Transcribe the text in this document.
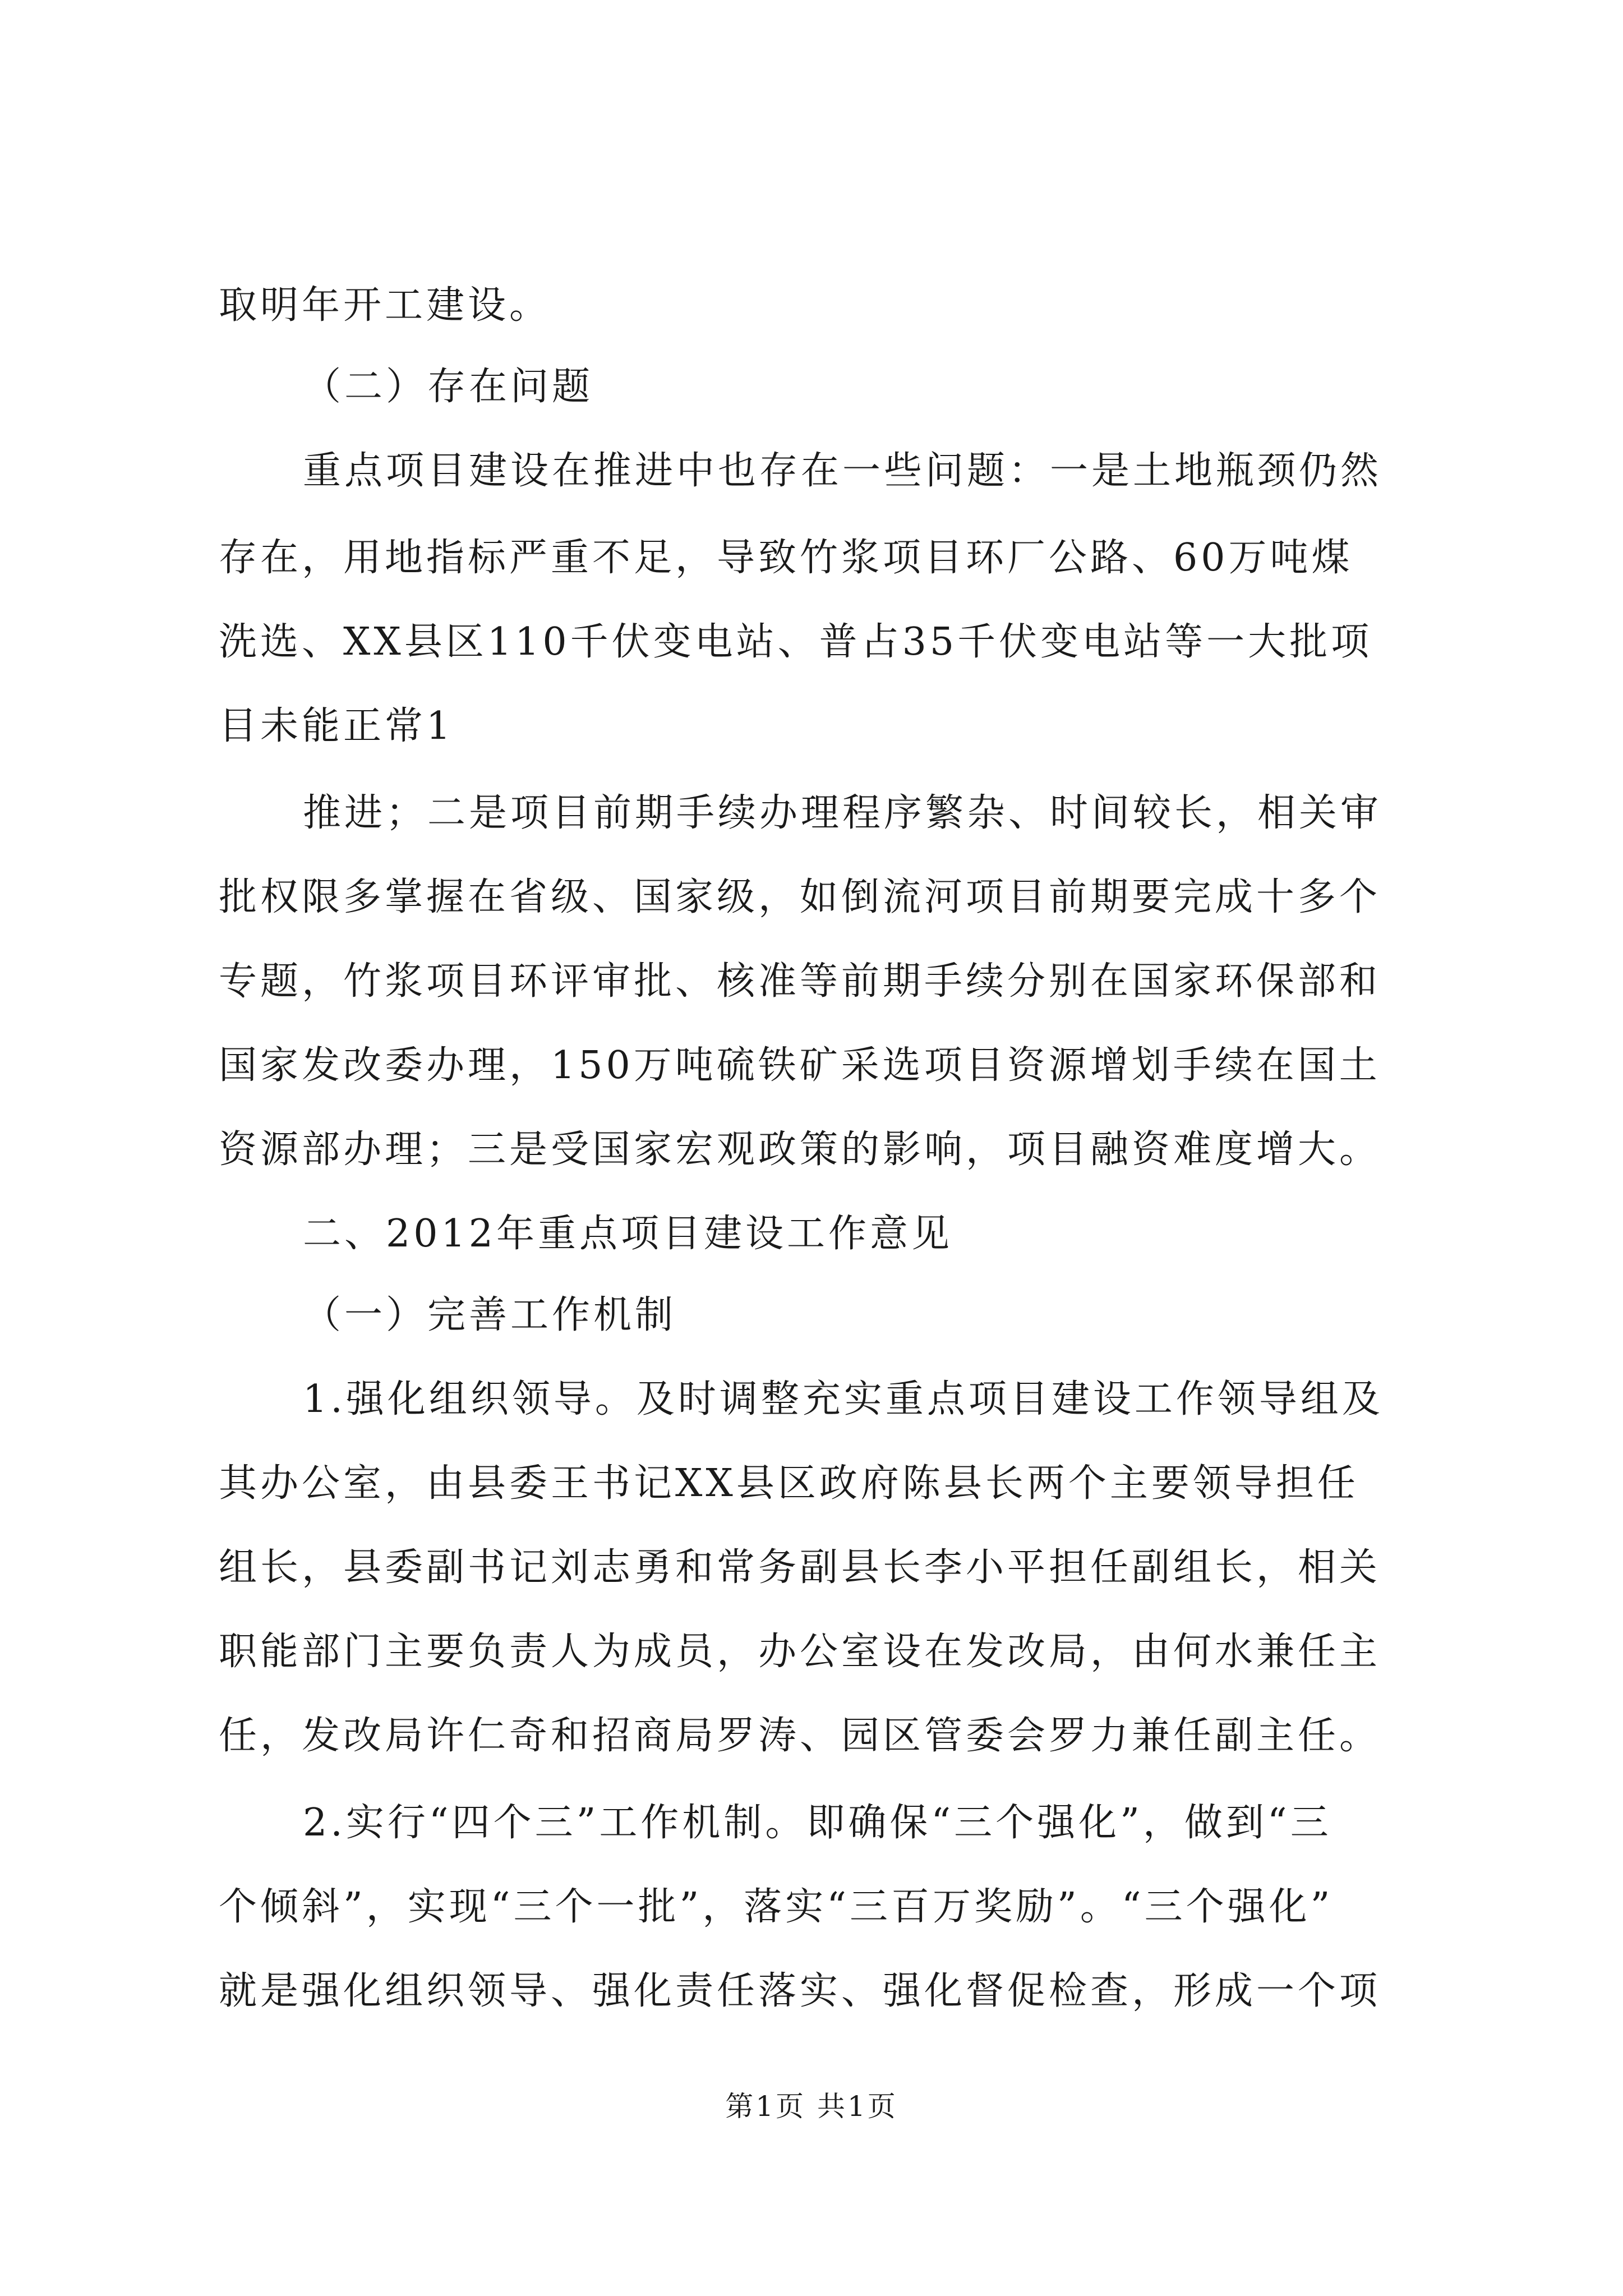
取明年开工建设。
（二）存在问题
重点项目建设在推进中也存在一些问题：一是土地瓶颈仍然
存在，用地指标严重不足，导致竹浆项目环厂公路、60万吨煤
洗选、XX县区110千伏变电站、普占35千伏变电站等一大批项
目未能正常1
推进；二是项目前期手续办理程序繁杂、时间较长，相关审
批权限多掌握在省级、国家级，如倒流河项目前期要完成十多个
专题，竹浆项目环评审批、核准等前期手续分别在国家环保部和
国家发改委办理，150万吨硫铁矿采选项目资源增划手续在国土
资源部办理；三是受国家宏观政策的影响，项目融资难度增大。
二、2012年重点项目建设工作意见
（一）完善工作机制
1.强化组织领导。及时调整充实重点项目建设工作领导组及
其办公室，由县委王书记XX县区政府陈县长两个主要领导担任
组长，县委副书记刘志勇和常务副县长李小平担任副组长，相关
职能部门主要负责人为成员，办公室设在发改局，由何水兼任主
任，发改局许仁奇和招商局罗涛、园区管委会罗力兼任副主任。
2.实行“四个三”工作机制。即确保“三个强化”，做到“三
个倾斜”，实现“三个一批”，落实“三百万奖励”。“三个强化”
就是强化组织领导、强化责任落实、强化督促检查，形成一个项
第1页 共1页
